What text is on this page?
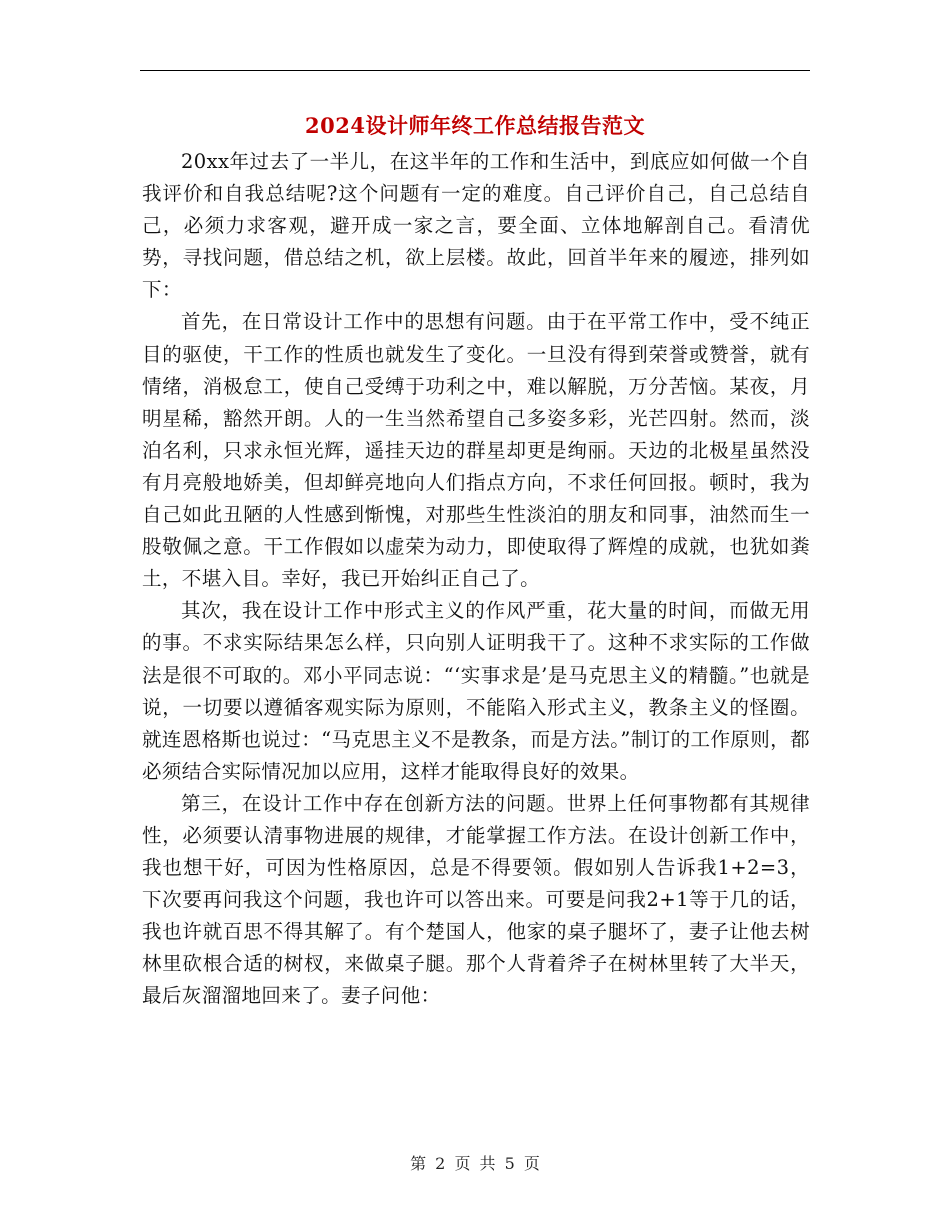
2024设计师年终工作总结报告范文

20xx年过去了一半儿，在这半年的工作和生活中，到底应如何做一个自我评价和自我总结呢?这个问题有一定的难度。自己评价自己，自己总结自己，必须力求客观，避开成一家之言，要全面、立体地解剖自己。看清优势，寻找问题，借总结之机，欲上层楼。故此，回首半年来的履迹，排列如下：

首先，在日常设计工作中的思想有问题。由于在平常工作中，受不纯正目的驱使，干工作的性质也就发生了变化。一旦没有得到荣誉或赞誉，就有情绪，消极怠工，使自己受缚于功利之中，难以解脱，万分苦恼。某夜，月明星稀，豁然开朗。人的一生当然希望自己多姿多彩，光芒四射。然而，淡泊名利，只求永恒光辉，遥挂天边的群星却更是绚丽。天边的北极星虽然没有月亮般地娇美，但却鲜亮地向人们指点方向，不求任何回报。顿时，我为自己如此丑陋的人性感到惭愧，对那些生性淡泊的朋友和同事，油然而生一股敬佩之意。干工作假如以虚荣为动力，即使取得了辉煌的成就，也犹如粪土，不堪入目。幸好，我已开始纠正自己了。

其次，我在设计工作中形式主义的作风严重，花大量的时间，而做无用的事。不求实际结果怎么样，只向别人证明我干了。这种不求实际的工作做法是很不可取的。邓小平同志说：“‘实事求是’是马克思主义的精髓。”也就是说，一切要以遵循客观实际为原则，不能陷入形式主义，教条主义的怪圈。就连恩格斯也说过：“马克思主义不是教条，而是方法。”制订的工作原则，都必须结合实际情况加以应用，这样才能取得良好的效果。

第三，在设计工作中存在创新方法的问题。世界上任何事物都有其规律性，必须要认清事物进展的规律，才能掌握工作方法。在设计创新工作中，我也想干好，可因为性格原因，总是不得要领。假如别人告诉我1+2=3，下次要再问我这个问题，我也许可以答出来。可要是问我2+1等于几的话，我也许就百思不得其解了。有个楚国人，他家的桌子腿坏了，妻子让他去树林里砍根合适的树杈，来做桌子腿。那个人背着斧子在树林里转了大半天，最后灰溜溜地回来了。妻子问他：

第 2 页 共 5 页
